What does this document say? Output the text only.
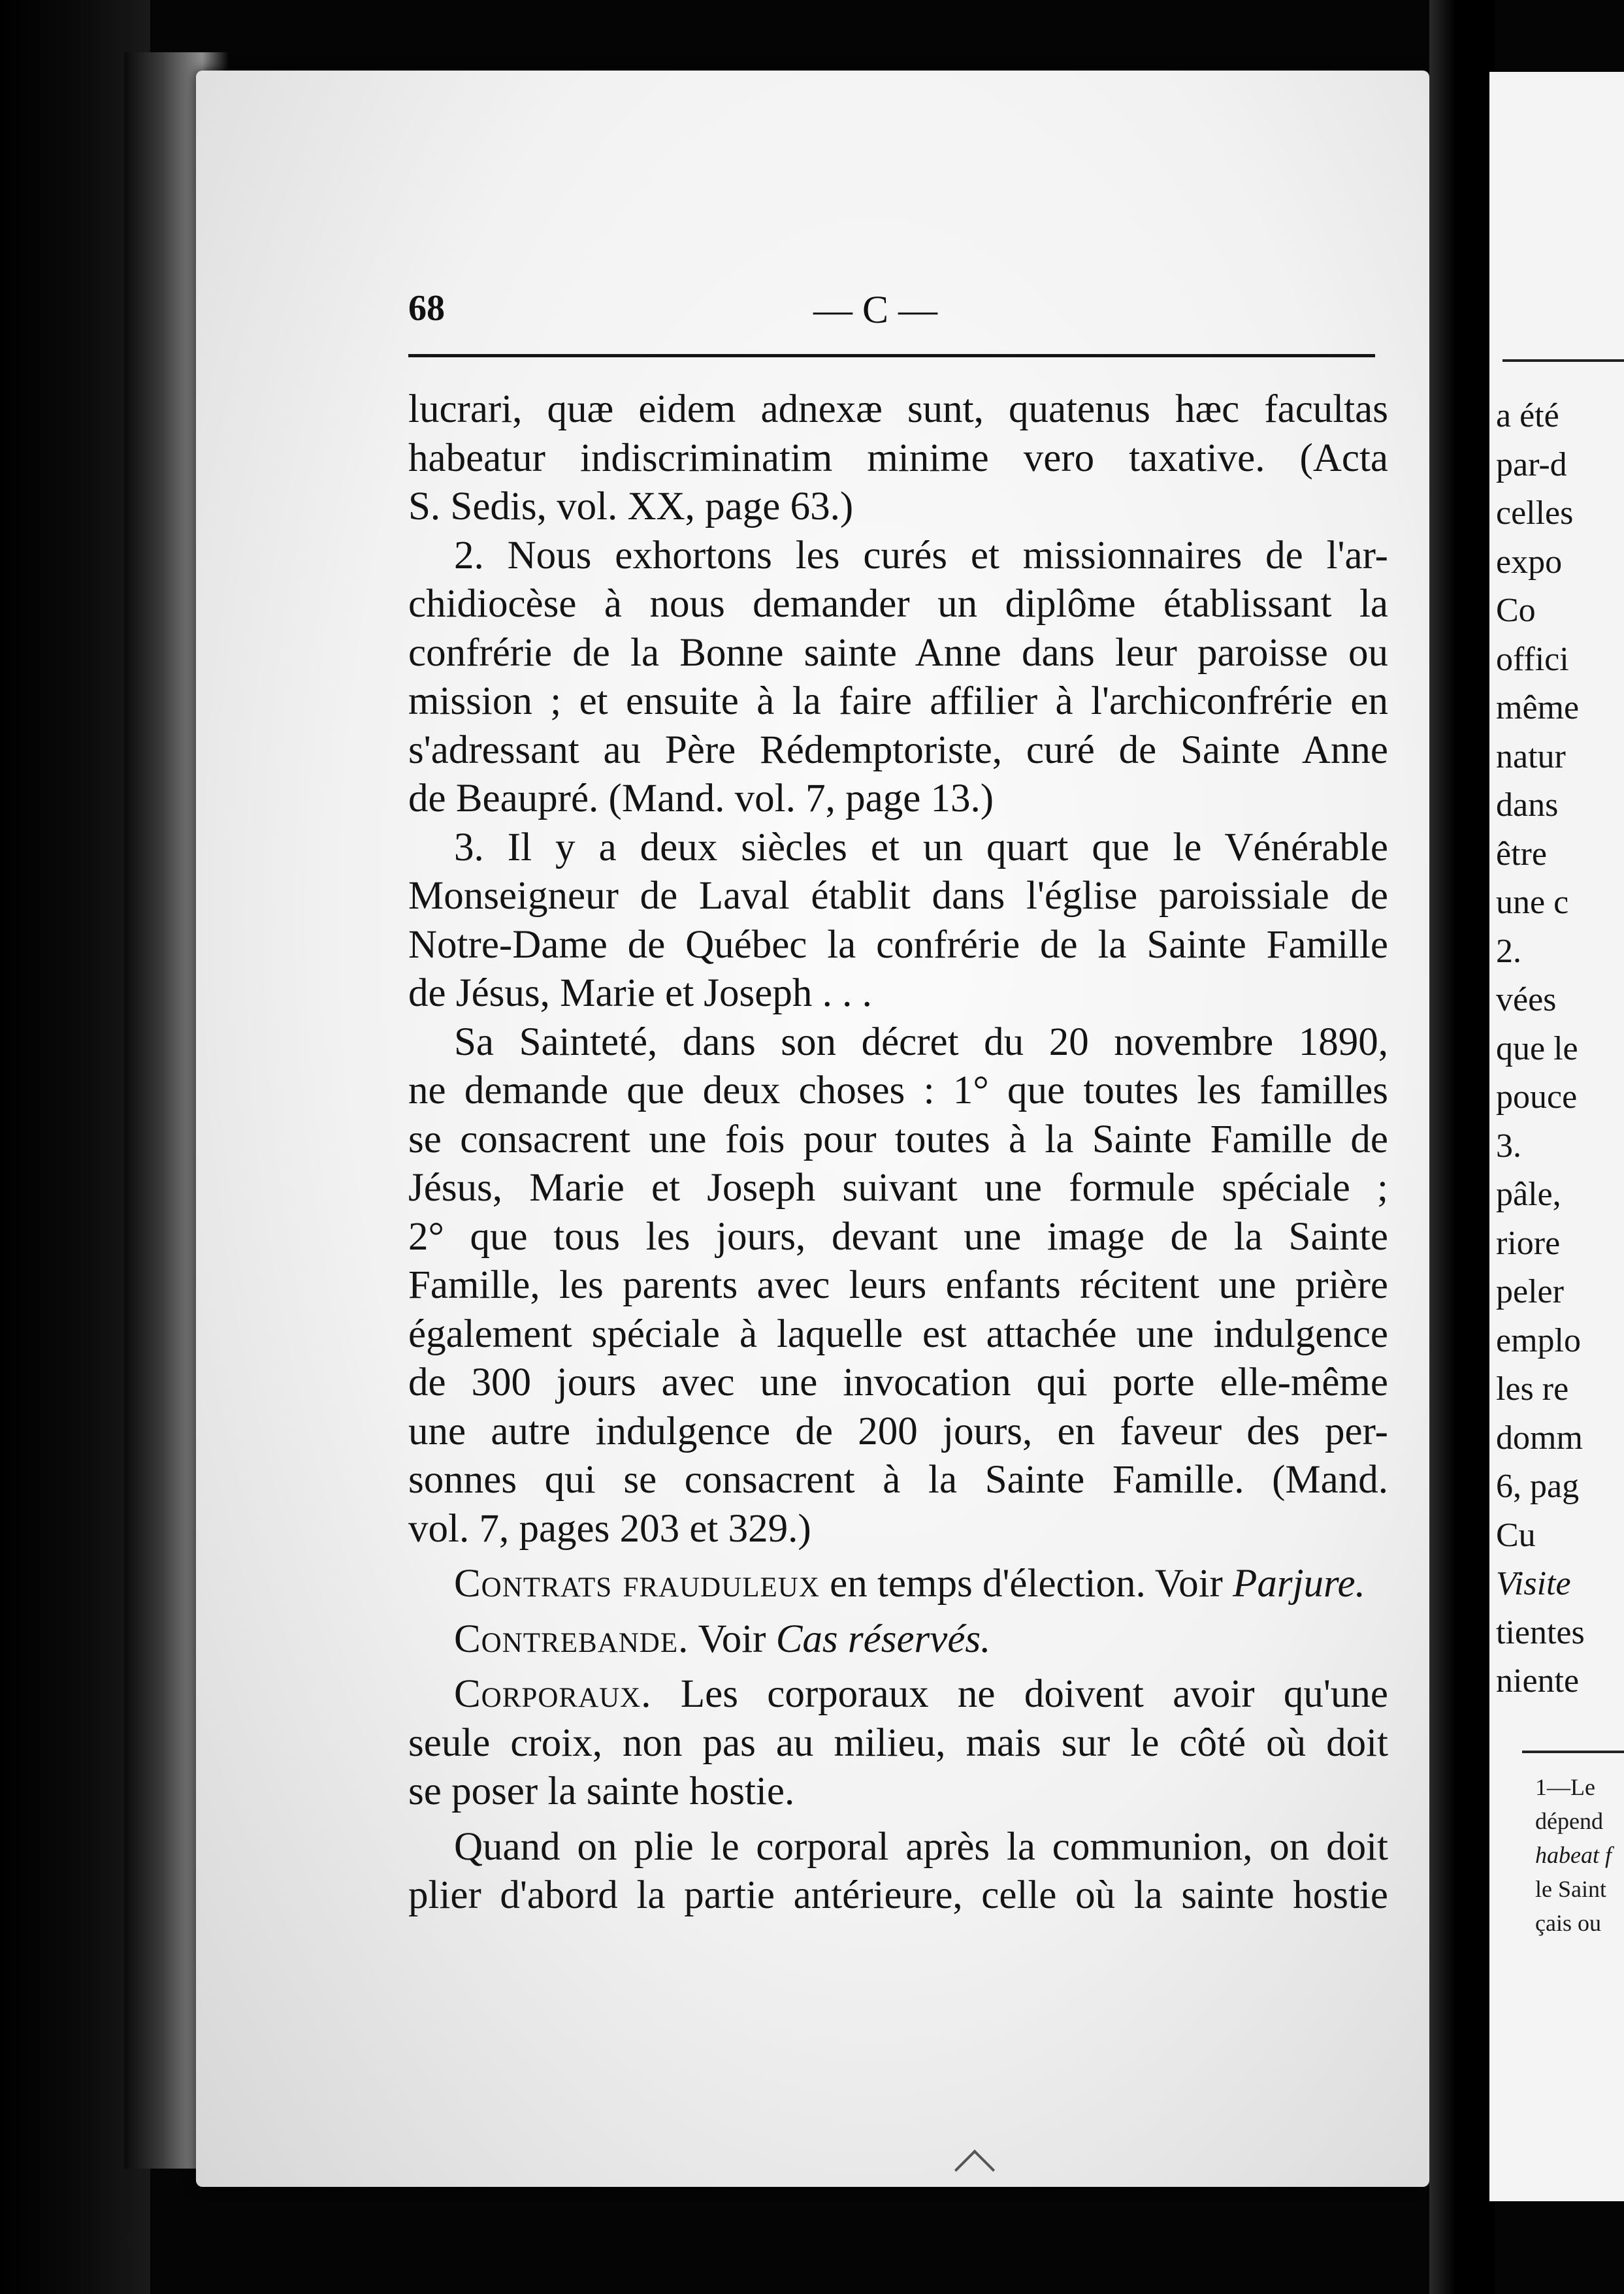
68	— C —
lucrari, quæ eidem adnexæ sunt, quatenus hæc facultas
habeatur indiscriminatim minime vero taxative. (Acta
S. Sedis, vol. XX, page 63.)
2. Nous exhortons les curés et missionnaires de l'ar-
chidiocèse à nous demander un diplôme établissant la
confrérie de la Bonne sainte Anne dans leur paroisse ou
mission ; et ensuite à la faire affilier à l'archiconfrérie en
s'adressant au Père Rédemptoriste, curé de Sainte Anne
de Beaupré. (Mand. vol. 7, page 13.)
3. Il y a deux siècles et un quart que le Vénérable
Monseigneur de Laval établit dans l'église paroissiale de
Notre-Dame de Québec la confrérie de la Sainte Famille
de Jésus, Marie et Joseph . . .
Sa Sainteté, dans son décret du 20 novembre 1890,
ne demande que deux choses : 1° que toutes les familles
se consacrent une fois pour toutes à la Sainte Famille de
Jésus, Marie et Joseph suivant une formule spéciale ;
2° que tous les jours, devant une image de la Sainte
Famille, les parents avec leurs enfants récitent une prière
également spéciale à laquelle est attachée une indulgence
de 300 jours avec une invocation qui porte elle-même
une autre indulgence de 200 jours, en faveur des per-
sonnes qui se consacrent à la Sainte Famille. (Mand.
vol. 7, pages 203 et 329.)
Contrats frauduleux en temps d'élection. Voir Parjure.
Contrebande. Voir Cas réservés.
Corporaux. Les corporaux ne doivent avoir qu'une
seule croix, non pas au milieu, mais sur le côté où doit
se poser la sainte hostie.
Quand on plie le corporal après la communion, on doit
plier d'abord la partie antérieure, celle où la sainte hostie
a été
par-d
celles
expo
Co
offici
même
natur
dans
être
une c
2.
vées
que le
pouce
3.
pâle,
riore
peler
emplo
les re
domm
6, pag
Cu
Visite
tientes
niente
1—Le
dépend
habeat f
le Saint
çais ou
